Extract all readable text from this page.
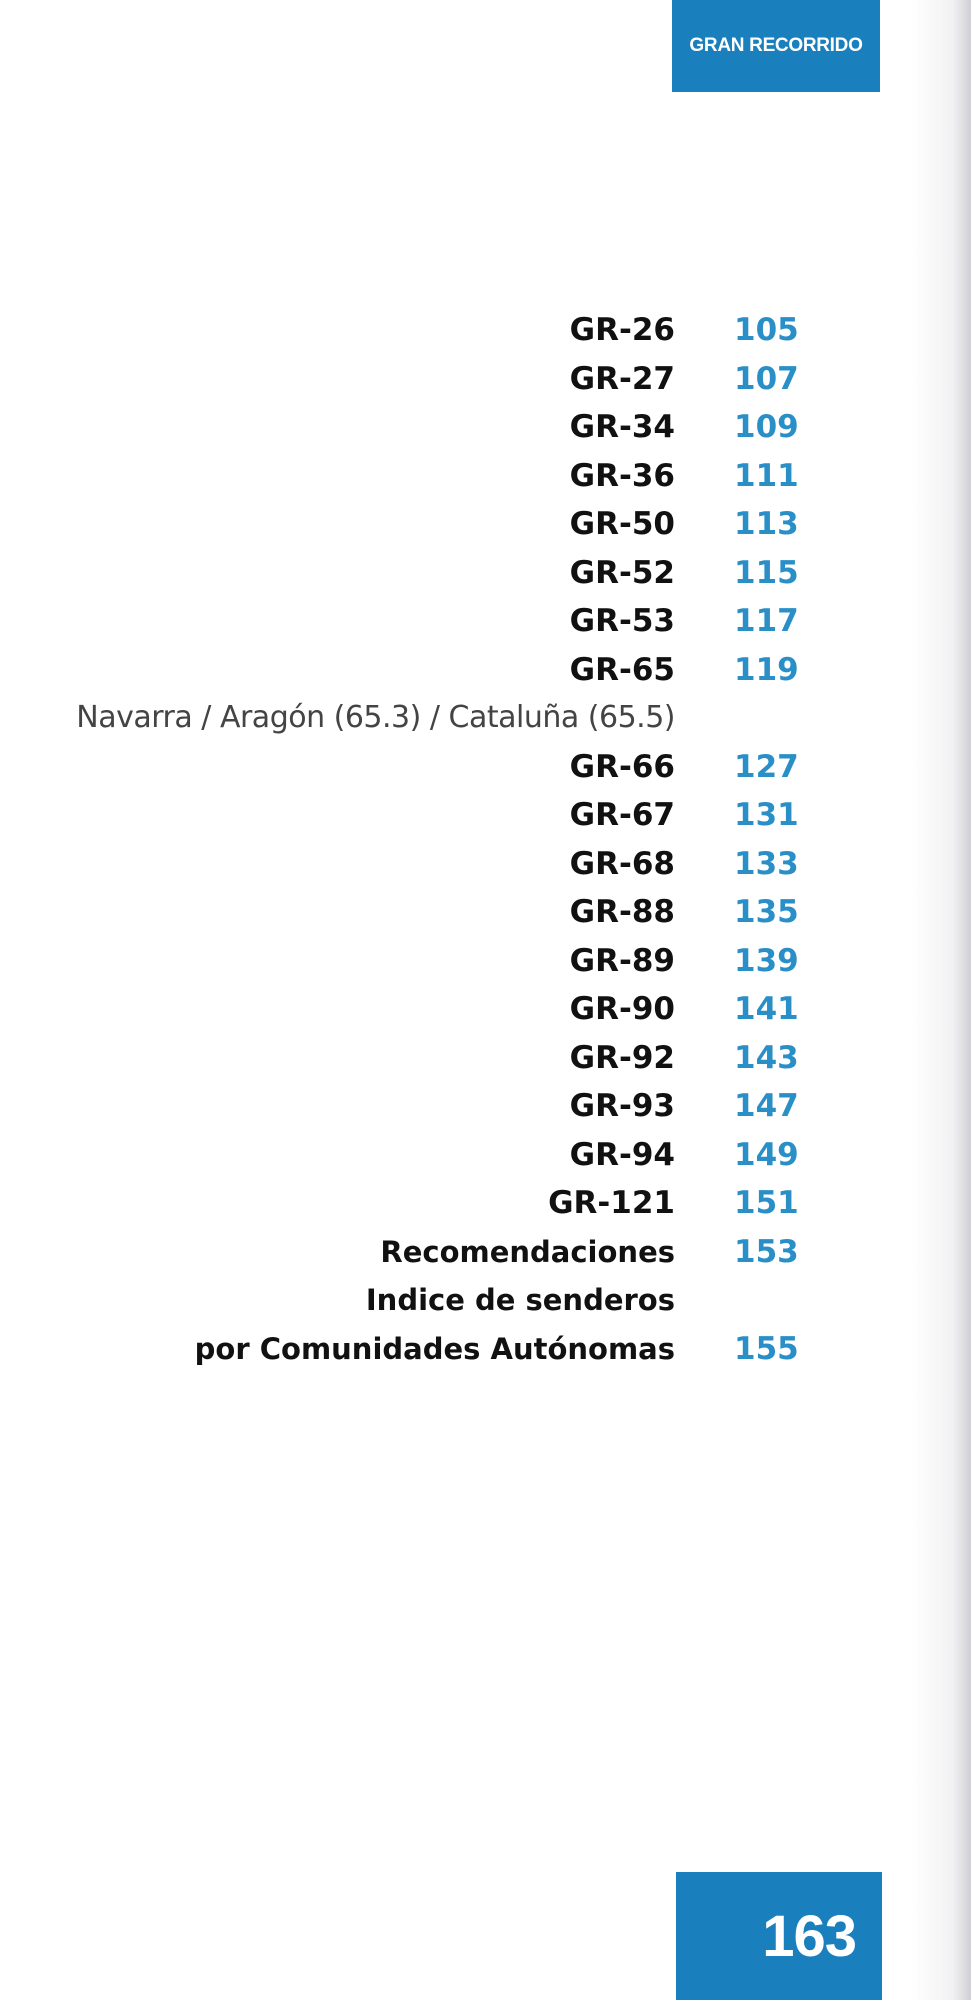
GRAN RECORRIDO
GR-26 105
GR-27 107
GR-34 109
GR-36 111
GR-50 113
GR-52 115
GR-53 117
GR-65 119
Navarra / Aragón (65.3) / Cataluña (65.5)
GR-66 127
GR-67 131
GR-68 133
GR-88 135
GR-89 139
GR-90 141
GR-92 143
GR-93 147
GR-94 149
GR-121 151
Recomendaciones 153
Indice de senderos
por Comunidades Autónomas 155
163
